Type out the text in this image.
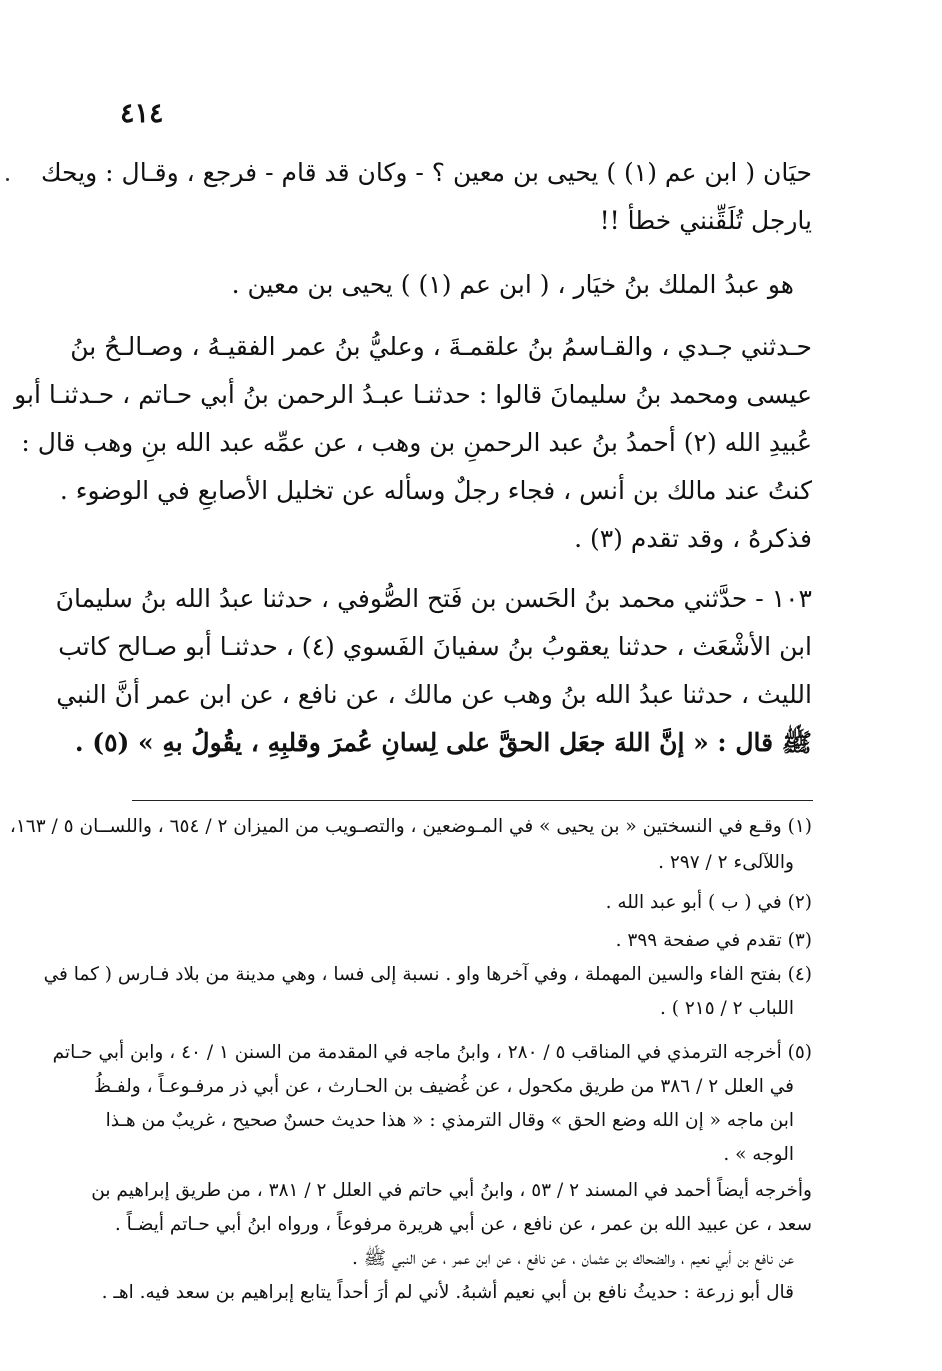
٤١٤
حيَان ( ابن عم (١) ) يحيى بن معين ؟ - وكان قد قام - فرجع ، وقـال : ويحك
يارجل تُلَقِّنني خطأ !!
هو عبدُ الملك بنُ خيَار ، ( ابن عم (١) ) يحيى بن معين .
حـدثني جـدي ، والقـاسمُ بنُ علقمـةَ ، وعليُّ بنُ عمر الفقيـهُ ، وصـالـحُ بنُ
عيسى ومحمد بنُ سليمانَ قالوا : حدثنـا عبـدُ الرحمن بنُ أبي حـاتم ، حـدثنـا أبو
عُبيدِ الله (٢) أحمدُ بنُ عبد الرحمنِ بن وهب ، عن عمِّه عبد الله بنِ وهب قال :
كنتُ عند مالك بن أنس ، فجاء رجلٌ وسأله عن تخليل الأصابعِ في الوضوء .
فذكرهُ ، وقد تقدم (٣) .
١٠٣ - حدَّثني محمد بنُ الحَسن بن فَتح الصُّوفي ، حدثنا عبدُ الله بنُ سليمانَ
ابن الأشْعَث ، حدثنا يعقوبُ بنُ سفيانَ الفَسوي (٤) ، حدثنـا أبو صـالح كاتب
الليث ، حدثنا عبدُ الله بنُ وهب عن مالك ، عن نافع ، عن ابن عمر أنَّ النبي
ﷺ قال : « إنَّ اللهَ جعَل الحقَّ على لِسانِ عُمرَ وقلبِهِ ، يقُولُ بهِ » (٥) .
(١) وقـع في النسختين « بن يحيى » في المـوضعين ، والتصـويب من الميزان ٢ / ٦٥٤ ، واللســان ٥ / ١٦٣،
واللآلىء ٢ / ٢٩٧ .
(٢) في ( ب ) أبو عبد الله .
(٣) تقدم في صفحة ٣٩٩ .
(٤) بفتح الفاء والسين المهملة ، وفي آخرها واو . نسبة إلى فسا ، وهي مدينة من بلاد فـارس ( كما في
اللباب ٢ / ٢١٥ ) .
(٥) أخرجه الترمذي في المناقب ٥ / ٢٨٠ ، وابنُ ماجه في المقدمة من السنن ١ / ٤٠ ، وابن أبي حـاتم
في العلل ٢ / ٣٨٦ من طريق مكحول ، عن غُضيف بن الحـارث ، عن أبي ذر مرفـوعـاً ، ولفـظُ
ابن ماجه « إن الله وضع الحق » وقال الترمذي : « هذا حديث حسنٌ صحيح ، غريبٌ من هـذا
الوجه » .
وأخرجه أيضاً أحمد في المسند ٢ / ٥٣ ، وابنُ أبي حاتم في العلل ٢ / ٣٨١ ، من طريق إبراهيم بن
سعد ، عن عبيد الله بن عمر ، عن نافع ، عن أبي هريرة مرفوعاً ، ورواه ابنُ أبي حـاتم أيضـاً .
عن نافع بن أبي نعيم ، والضحاك بن عثمان ، عن نافع ، عن ابن عمر ، عن النبي ﷺ .
قال أبو زرعة : حديثُ نافع بن أبي نعيم أشبهُ. لأني لم أرَ أحداً يتابع إبراهيم بن سعد فيه. اهـ .
